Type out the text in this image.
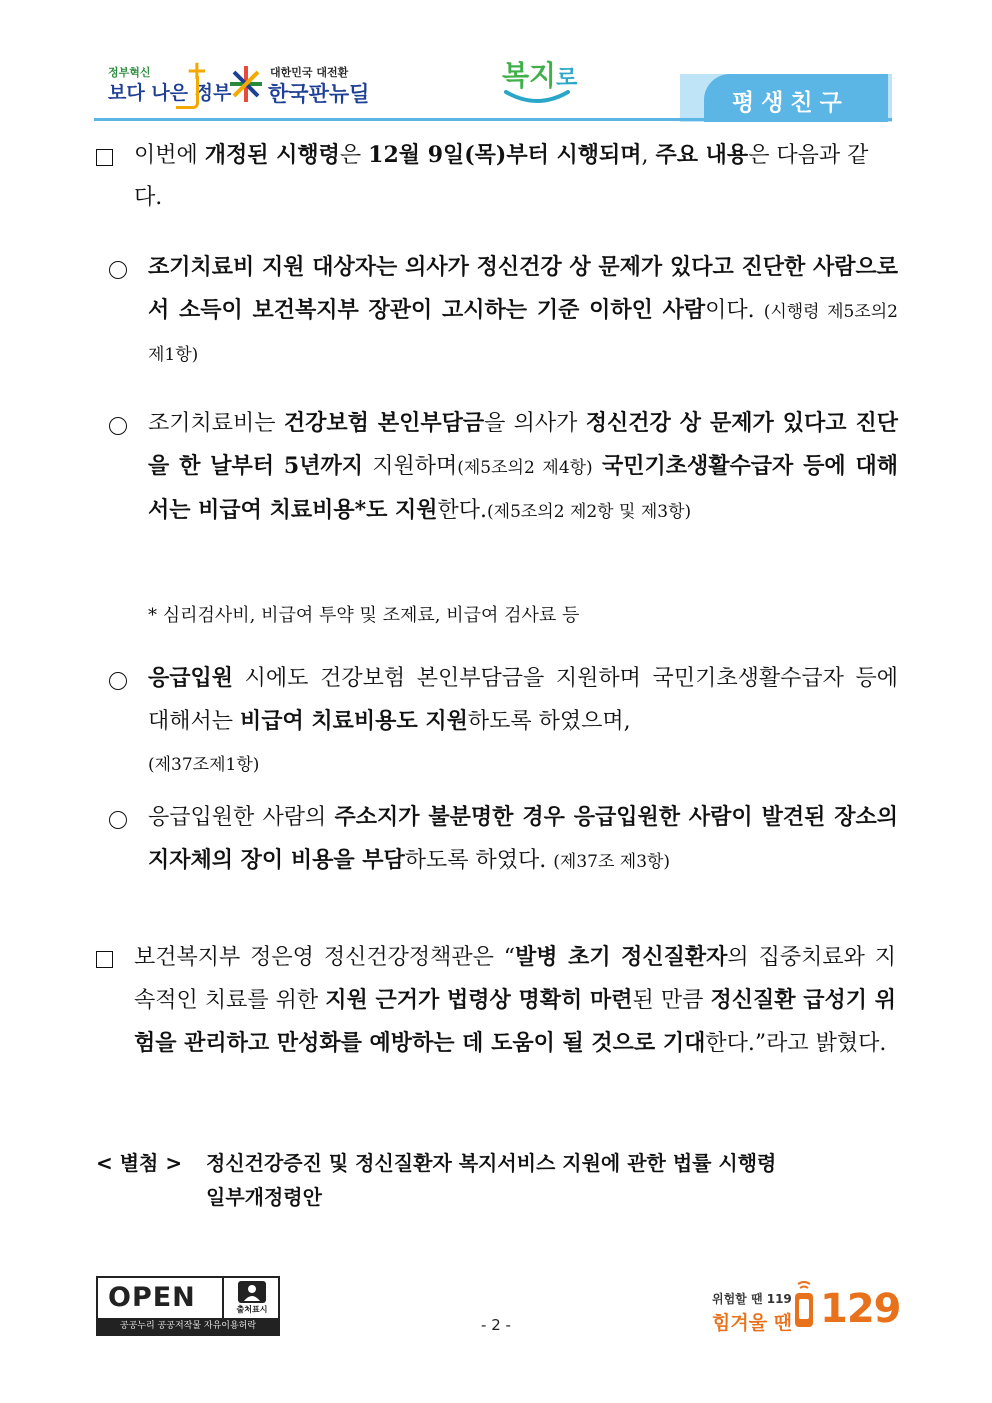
정부혁신
보다 나은 정부
+	대한민국 대전환
한국판뉴딜
복지로
평생친구
이번에 개정된 시행령은 12월 9일(목)부터 시행되며, 주요 내용은 다음과 같다.
조기치료비 지원 대상자는 의사가 정신건강 상 문제가 있다고 진단한 사람으로서 소득이 보건복지부 장관이 고시하는 기준 이하인 사람이다. (시행령 제5조의2 제1항)
조기치료비는 건강보험 본인부담금을 의사가 정신건강 상 문제가 있다고 진단을 한 날부터 5년까지 지원하며(제5조의2 제4항) 국민기초생활수급자 등에 대해서는 비급여 치료비용*도 지원한다.(제5조의2 제2항 및 제3항)
* 심리검사비, 비급여 투약 및 조제료, 비급여 검사료 등
응급입원 시에도 건강보험 본인부담금을 지원하며 국민기초생활수급자 등에 대해서는 비급여 치료비용도 지원하도록 하였으며,
(제37조제1항)
응급입원한 사람의 주소지가 불분명한 경우 응급입원한 사람이 발견된 장소의 지자체의 장이 비용을 부담하도록 하였다. (제37조 제3항)
보건복지부 정은영 정신건강정책관은 “발병 초기 정신질환자의 집중치료와 지속적인 치료를 위한 지원 근거가 법령상 명확히 마련된 만큼 정신질환 급성기 위험을 관리하고 만성화를 예방하는 데 도움이 될 것으로 기대한다.”라고 밝혔다.
< 별첨 > 정신건강증진 및 정신질환자 복지서비스 지원에 관한 법률 시행령
일부개정령안
OPEN	출처표시
공공누리 공공저작물 자유이용허락	- 2 -
위험할 땐 119
힘겨울 땐 129
